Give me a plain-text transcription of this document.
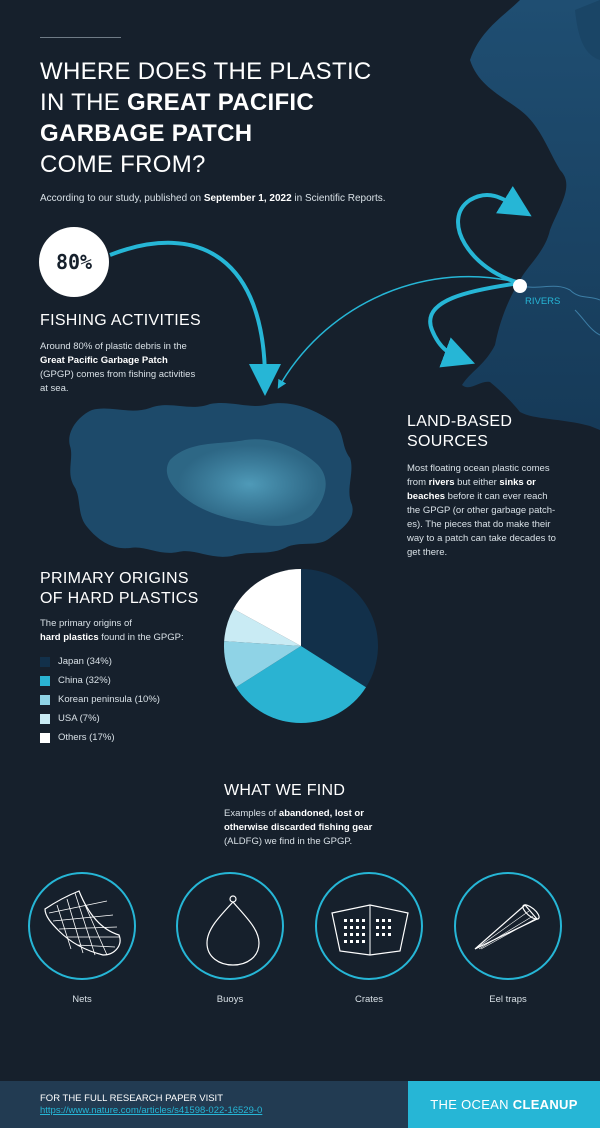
WHERE DOES THE PLASTIC
IN THE GREAT PACIFIC
GARBAGE PATCH
COME FROM?
According to our study, published on September 1, 2022 in Scientific Reports.
80%
FISHING ACTIVITIES
Around 80% of plastic debris in the
Great Pacific Garbage Patch
(GPGP) comes from fishing activities
at sea.
RIVERS
LAND-BASED
SOURCES
Most floating ocean plastic comes
from rivers but either sinks or
beaches before it can ever reach
the GPGP (or other garbage patch-
es). The pieces that do make their
way to a patch can take decades to
get there.
PRIMARY ORIGINS
OF HARD PLASTICS
The primary origins of
hard plastics found in the GPGP:
Japan (34%)
China (32%)
Korean peninsula (10%)
USA (7%)
Others (17%)
WHAT WE FIND
Examples of abandoned, lost or
otherwise discarded fishing gear
(ALDFG) we find in the GPGP.
Nets	Buoys	Crates	Eel traps
FOR THE FULL RESEARCH PAPER VISIT
https://www.nature.com/articles/s41598-022-16529-0	THE OCEAN
CLEANUP
